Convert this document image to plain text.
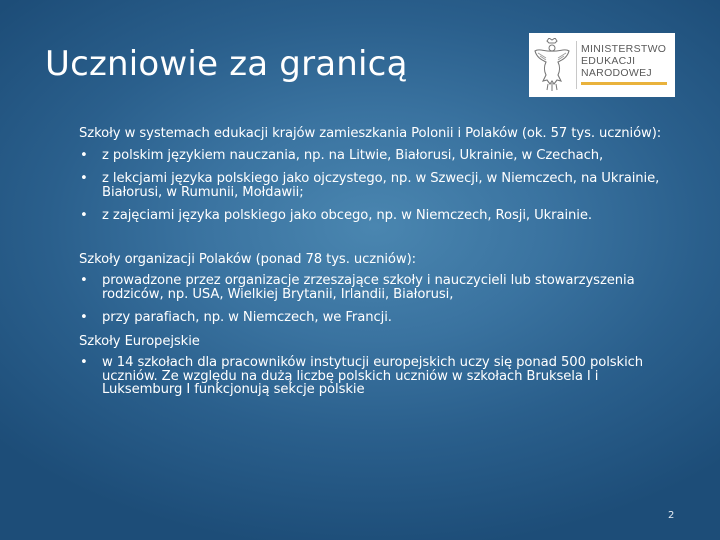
Uczniowie za granicą	MINISTERSTWO
EDUKACJI
NARODOWEJ

Szkoły w systemach edukacji krajów zamieszkania Polonii i Polaków (ok. 57 tys. uczniów):

• z polskim językiem nauczania, np. na Litwie, Białorusi, Ukrainie, w Czechach,
• z lekcjami języka polskiego jako ojczystego, np. w Szwecji, w Niemczech, na Ukrainie, Białorusi, w Rumunii, Mołdawii;
• z zajęciami języka polskiego jako obcego, np. w Niemczech, Rosji, Ukrainie.

Szkoły organizacji Polaków (ponad 78 tys. uczniów):

• prowadzone przez organizacje zrzeszające szkoły i nauczycieli lub stowarzyszenia rodziców, np. USA, Wielkiej Brytanii, Irlandii, Białorusi,
• przy parafiach, np. w Niemczech, we Francji.

Szkoły Europejskie

• w 14 szkołach dla pracowników instytucji europejskich uczy się ponad 500 polskich uczniów. Ze względu na dużą liczbę polskich uczniów w szkołach Bruksela I i Luksemburg I funkcjonują sekcje polskie
2
